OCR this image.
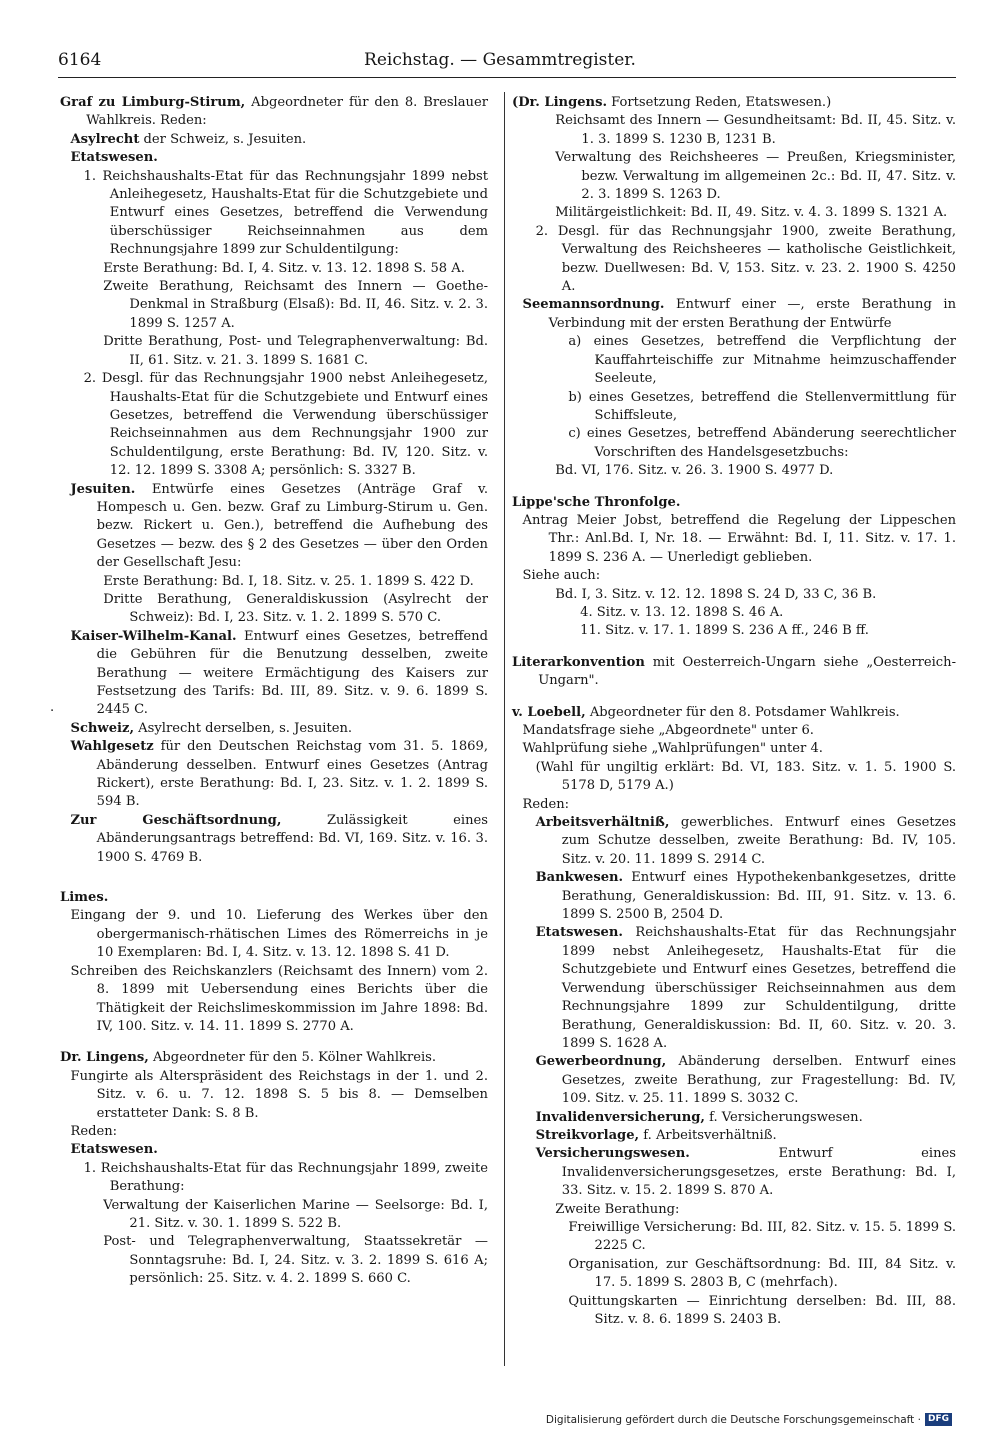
6164	Reichstag. — Gesammtregister.
.

Graf zu Limburg-Stirum, Abgeordneter für den 8. Breslauer Wahlkreis. Reden:

Asylrecht der Schweiz, s. Jesuiten.

Etatswesen.

1. Reichshaushalts-Etat für das Rechnungsjahr 1899 nebst Anleihegesetz, Haushalts-Etat für die Schutzgebiete und Entwurf eines Gesetzes, betreffend die Verwendung überschüssiger Reichseinnahmen aus dem Rechnungsjahre 1899 zur Schuldentilgung:

Erste Berathung: Bd. I, 4. Sitz. v. 13. 12. 1898 S. 58 A.

Zweite Berathung, Reichsamt des Innern — Goethe-Denkmal in Straßburg (Elsaß): Bd. II, 46. Sitz. v. 2. 3. 1899 S. 1257 A.

Dritte Berathung, Post- und Telegraphenverwaltung: Bd. II, 61. Sitz. v. 21. 3. 1899 S. 1681 C.

2. Desgl. für das Rechnungsjahr 1900 nebst Anleihegesetz, Haushalts-Etat für die Schutzgebiete und Entwurf eines Gesetzes, betreffend die Verwendung überschüssiger Reichseinnahmen aus dem Rechnungsjahr 1900 zur Schuldentilgung, erste Berathung: Bd. IV, 120. Sitz. v. 12. 12. 1899 S. 3308 A; persönlich: S. 3327 B.

Jesuiten. Entwürfe eines Gesetzes (Anträge Graf v. Hompesch u. Gen. bezw. Graf zu Limburg-Stirum u. Gen. bezw. Rickert u. Gen.), betreffend die Aufhebung des Gesetzes — bezw. des § 2 des Gesetzes — über den Orden der Gesellschaft Jesu:

Erste Berathung: Bd. I, 18. Sitz. v. 25. 1. 1899 S. 422 D.

Dritte Berathung, Generaldiskussion (Asylrecht der Schweiz): Bd. I, 23. Sitz. v. 1. 2. 1899 S. 570 C.

Kaiser-Wilhelm-Kanal. Entwurf eines Gesetzes, betreffend die Gebühren für die Benutzung desselben, zweite Berathung — weitere Ermächtigung des Kaisers zur Festsetzung des Tarifs: Bd. III, 89. Sitz. v. 9. 6. 1899 S. 2445 C.

Schweiz, Asylrecht derselben, s. Jesuiten.

Wahlgesetz für den Deutschen Reichstag vom 31. 5. 1869, Abänderung desselben. Entwurf eines Gesetzes (Antrag Rickert), erste Berathung: Bd. I, 23. Sitz. v. 1. 2. 1899 S. 594 B.

Zur Geschäftsordnung, Zulässigkeit eines Abänderungsantrags betreffend: Bd. VI, 169. Sitz. v. 16. 3. 1900 S. 4769 B.

Limes.

Eingang der 9. und 10. Lieferung des Werkes über den obergermanisch-rhätischen Limes des Römerreichs in je 10 Exemplaren: Bd. I, 4. Sitz. v. 13. 12. 1898 S. 41 D.

Schreiben des Reichskanzlers (Reichsamt des Innern) vom 2. 8. 1899 mit Uebersendung eines Berichts über die Thätigkeit der Reichslimeskommission im Jahre 1898: Bd. IV, 100. Sitz. v. 14. 11. 1899 S. 2770 A.

Dr. Lingens, Abgeordneter für den 5. Kölner Wahlkreis.

Fungirte als Alterspräsident des Reichstags in der 1. und 2. Sitz. v. 6. u. 7. 12. 1898 S. 5 bis 8. — Demselben erstatteter Dank: S. 8 B.

Reden:

Etatswesen.

1. Reichshaushalts-Etat für das Rechnungsjahr 1899, zweite Berathung:

Verwaltung der Kaiserlichen Marine — Seelsorge: Bd. I, 21. Sitz. v. 30. 1. 1899 S. 522 B.

Post- und Telegraphenverwaltung, Staatssekretär — Sonntagsruhe: Bd. I, 24. Sitz. v. 3. 2. 1899 S. 616 A; persönlich: 25. Sitz. v. 4. 2. 1899 S. 660 C.

(Dr. Lingens. Fortsetzung Reden, Etatswesen.)

Reichsamt des Innern — Gesundheitsamt: Bd. II, 45. Sitz. v. 1. 3. 1899 S. 1230 B, 1231 B.

Verwaltung des Reichsheeres — Preußen, Kriegsminister, bezw. Verwaltung im allgemeinen 2c.: Bd. II, 47. Sitz. v. 2. 3. 1899 S. 1263 D.

Militärgeistlichkeit: Bd. II, 49. Sitz. v. 4. 3. 1899 S. 1321 A.

2. Desgl. für das Rechnungsjahr 1900, zweite Berathung, Verwaltung des Reichsheeres — katholische Geistlichkeit, bezw. Duellwesen: Bd. V, 153. Sitz. v. 23. 2. 1900 S. 4250 A.

Seemannsordnung. Entwurf einer —, erste Berathung in Verbindung mit der ersten Berathung der Entwürfe

a) eines Gesetzes, betreffend die Verpflichtung der Kauffahrteischiffe zur Mitnahme heimzuschaffender Seeleute,

b) eines Gesetzes, betreffend die Stellenvermittlung für Schiffsleute,

c) eines Gesetzes, betreffend Abänderung seerechtlicher Vorschriften des Handelsgesetzbuchs:

Bd. VI, 176. Sitz. v. 26. 3. 1900 S. 4977 D.

Lippe'sche Thronfolge.

Antrag Meier Jobst, betreffend die Regelung der Lippeschen Thr.: Anl.Bd. I, Nr. 18. — Erwähnt: Bd. I, 11. Sitz. v. 17. 1. 1899 S. 236 A. — Unerledigt geblieben.

Siehe auch:

Bd. I, 3. Sitz. v. 12. 12. 1898 S. 24 D, 33 C, 36 B.

4. Sitz. v. 13. 12. 1898 S. 46 A.

11. Sitz. v. 17. 1. 1899 S. 236 A ff., 246 B ff.

Literarkonvention mit Oesterreich-Ungarn siehe „Oesterreich-Ungarn".

v. Loebell, Abgeordneter für den 8. Potsdamer Wahlkreis.

Mandatsfrage siehe „Abgeordnete" unter 6.

Wahlprüfung siehe „Wahlprüfungen" unter 4.

(Wahl für ungiltig erklärt: Bd. VI, 183. Sitz. v. 1. 5. 1900 S. 5178 D, 5179 A.)

Reden:

Arbeitsverhältniß, gewerbliches. Entwurf eines Gesetzes zum Schutze desselben, zweite Berathung: Bd. IV, 105. Sitz. v. 20. 11. 1899 S. 2914 C.

Bankwesen. Entwurf eines Hypothekenbankgesetzes, dritte Berathung, Generaldiskussion: Bd. III, 91. Sitz. v. 13. 6. 1899 S. 2500 B, 2504 D.

Etatswesen. Reichshaushalts-Etat für das Rechnungsjahr 1899 nebst Anleihegesetz, Haushalts-Etat für die Schutzgebiete und Entwurf eines Gesetzes, betreffend die Verwendung überschüssiger Reichseinnahmen aus dem Rechnungsjahre 1899 zur Schuldentilgung, dritte Berathung, Generaldiskussion: Bd. II, 60. Sitz. v. 20. 3. 1899 S. 1628 A.

Gewerbeordnung, Abänderung derselben. Entwurf eines Gesetzes, zweite Berathung, zur Fragestellung: Bd. IV, 109. Sitz. v. 25. 11. 1899 S. 3032 C.

Invalidenversicherung, f. Versicherungswesen.

Streikvorlage, f. Arbeitsverhältniß.

Versicherungswesen. Entwurf eines Invalidenversicherungsgesetzes, erste Berathung: Bd. I, 33. Sitz. v. 15. 2. 1899 S. 870 A.

Zweite Berathung:

Freiwillige Versicherung: Bd. III, 82. Sitz. v. 15. 5. 1899 S. 2225 C.

Organisation, zur Geschäftsordnung: Bd. III, 84 Sitz. v. 17. 5. 1899 S. 2803 B, C (mehrfach).

Quittungskarten — Einrichtung derselben: Bd. III, 88. Sitz. v. 8. 6. 1899 S. 2403 B.

Digitalisierung gefördert durch die Deutsche Forschungsgemeinschaft · DFG
